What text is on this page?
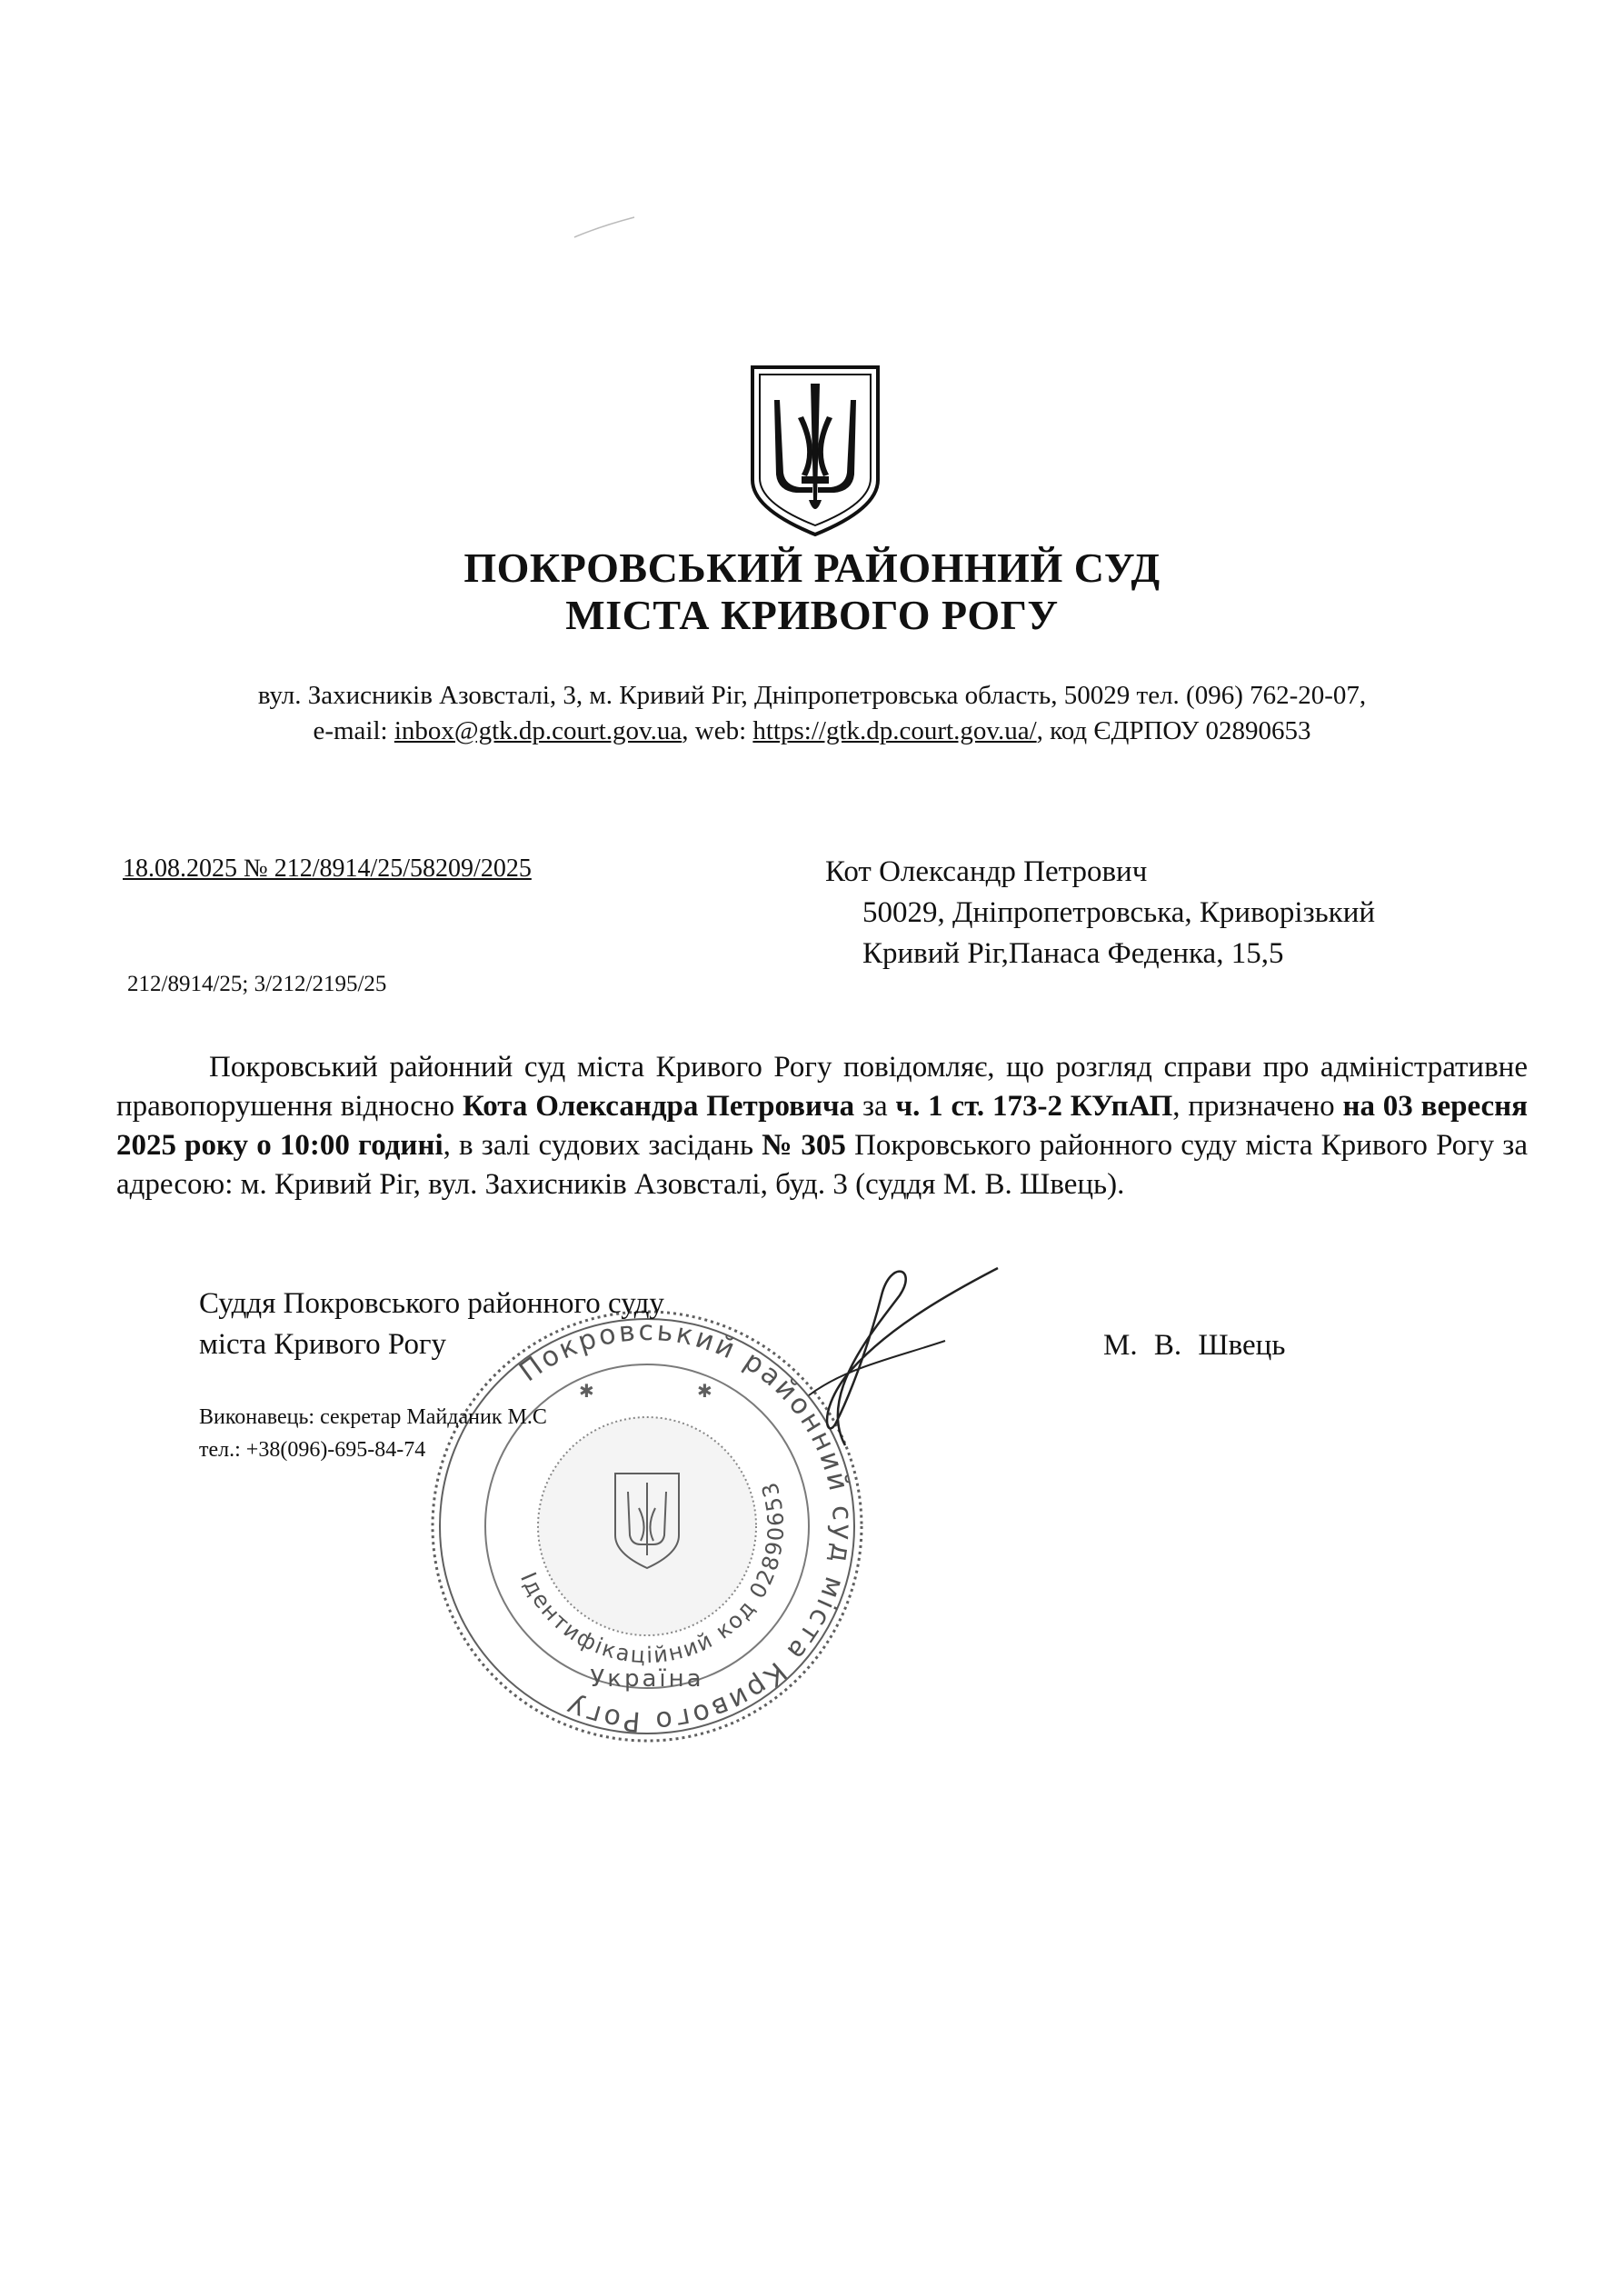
ПОКРОВСЬКИЙ РАЙОННИЙ СУД
МІСТА КРИВОГО РОГУ
вул. Захисників Азовсталі, 3, м. Кривий Ріг, Дніпропетровська область, 50029 тел. (096) 762-20-07,
e-mail: inbox@gtk.dp.court.gov.ua, web: https://gtk.dp.court.gov.ua/, код ЄДРПОУ 02890653
18.08.2025 № 212/8914/25/58209/2025
212/8914/25; 3/212/2195/25
Кот Олександр Петрович
50029, Дніпропетровська, Криворізький
Кривий Ріг,Панаса Феденка, 15,5

Покровський районний суд міста Кривого Рогу повідомляє, що розгляд справи про адміністративне правопорушення відносно Кота Олександра Петровича за ч. 1 ст. 173-2 КУпАП, призначено на 03 вересня 2025 року о 10:00 годині, в залі судових засідань № 305 Покровського районного суду міста Кривого Рогу за адресою: м. Кривий Ріг, вул. Захисників Азовсталі, буд. 3 (суддя М. В. Швець).

Покровський районний суд міста Кривого Рогу
Ідентифікаційний код 02890653
Україна
✱	✱
Суддя Покровського районного суду
міста Кривого Рогу	М. В. Швець
Виконавець: секретар Майданик М.С
тел.: +38(096)-695-84-74
